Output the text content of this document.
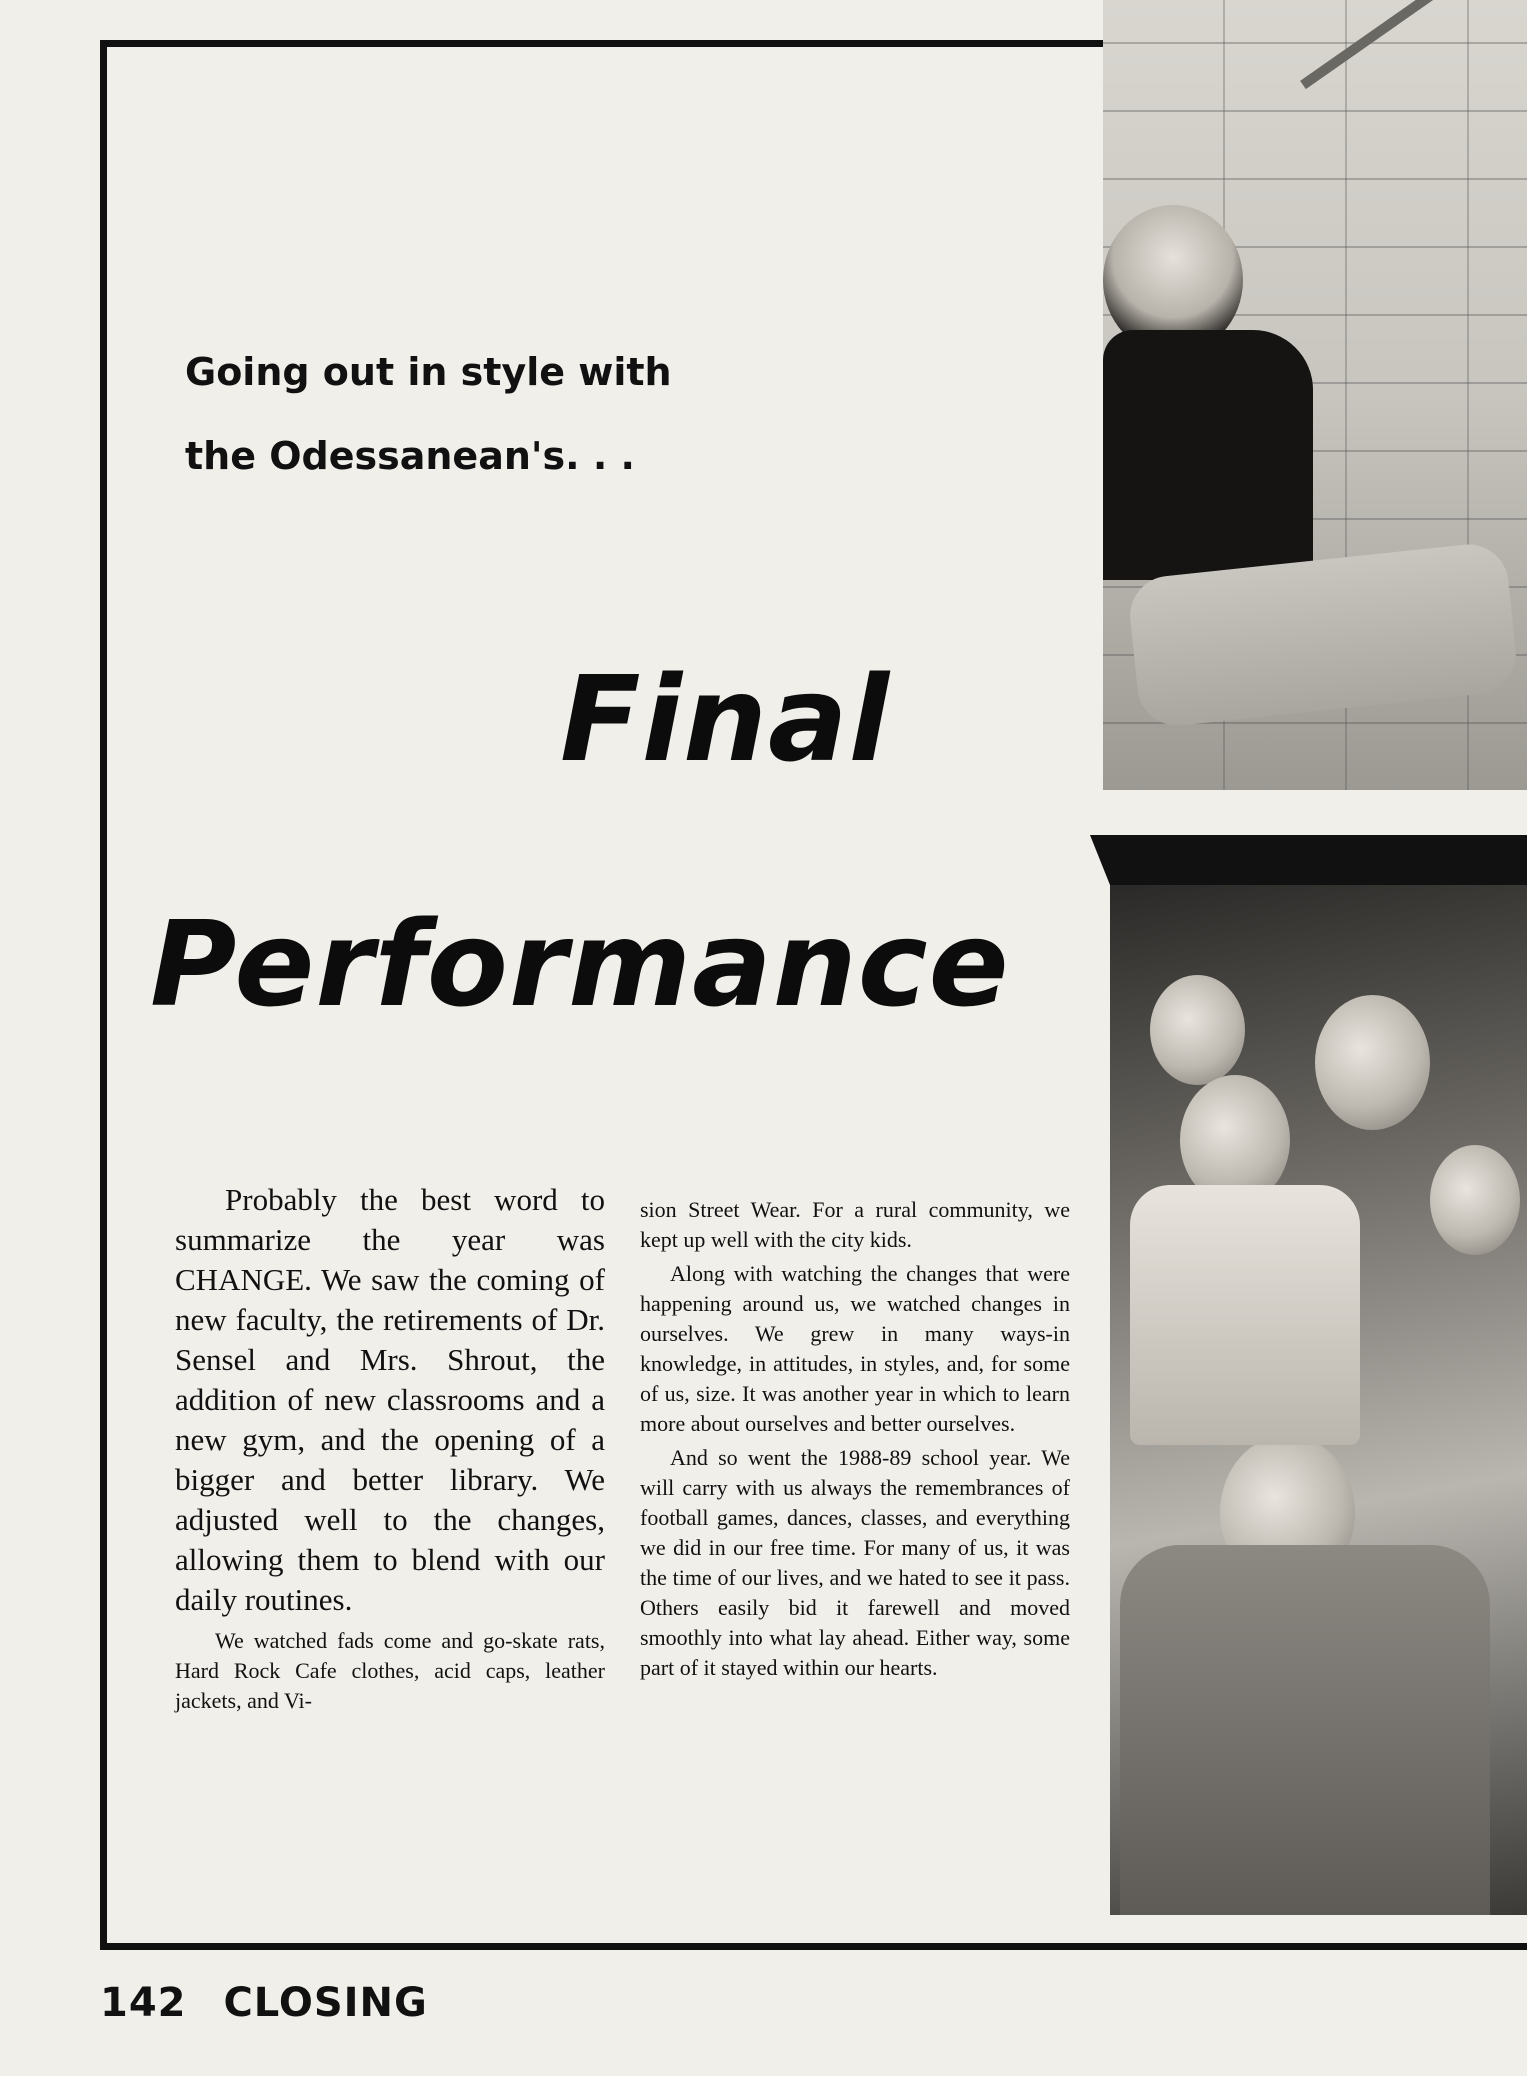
Going out in style with
the Odessanean's. . .
Final
Performance

Probably the best word to summarize the year was CHANGE. We saw the coming of new faculty, the retirements of Dr. Sensel and Mrs. Shrout, the addition of new classrooms and a new gym, and the opening of a bigger and better library. We adjusted well to the changes, allowing them to blend with our daily routines.

We watched fads come and go-skate rats, Hard Rock Cafe clothes, acid caps, leather jackets, and Vi-

sion Street Wear. For a rural community, we kept up well with the city kids.

Along with watching the changes that were happening around us, we watched changes in ourselves. We grew in many ways-in knowledge, in attitudes, in styles, and, for some of us, size. It was another year in which to learn more about ourselves and better ourselves.

And so went the 1988-89 school year. We will carry with us always the remembrances of football games, dances, classes, and everything we did in our free time. For many of us, it was the time of our lives, and we hated to see it pass. Others easily bid it farewell and moved smoothly into what lay ahead. Either way, some part of it stayed within our hearts.

142 CLOSING
